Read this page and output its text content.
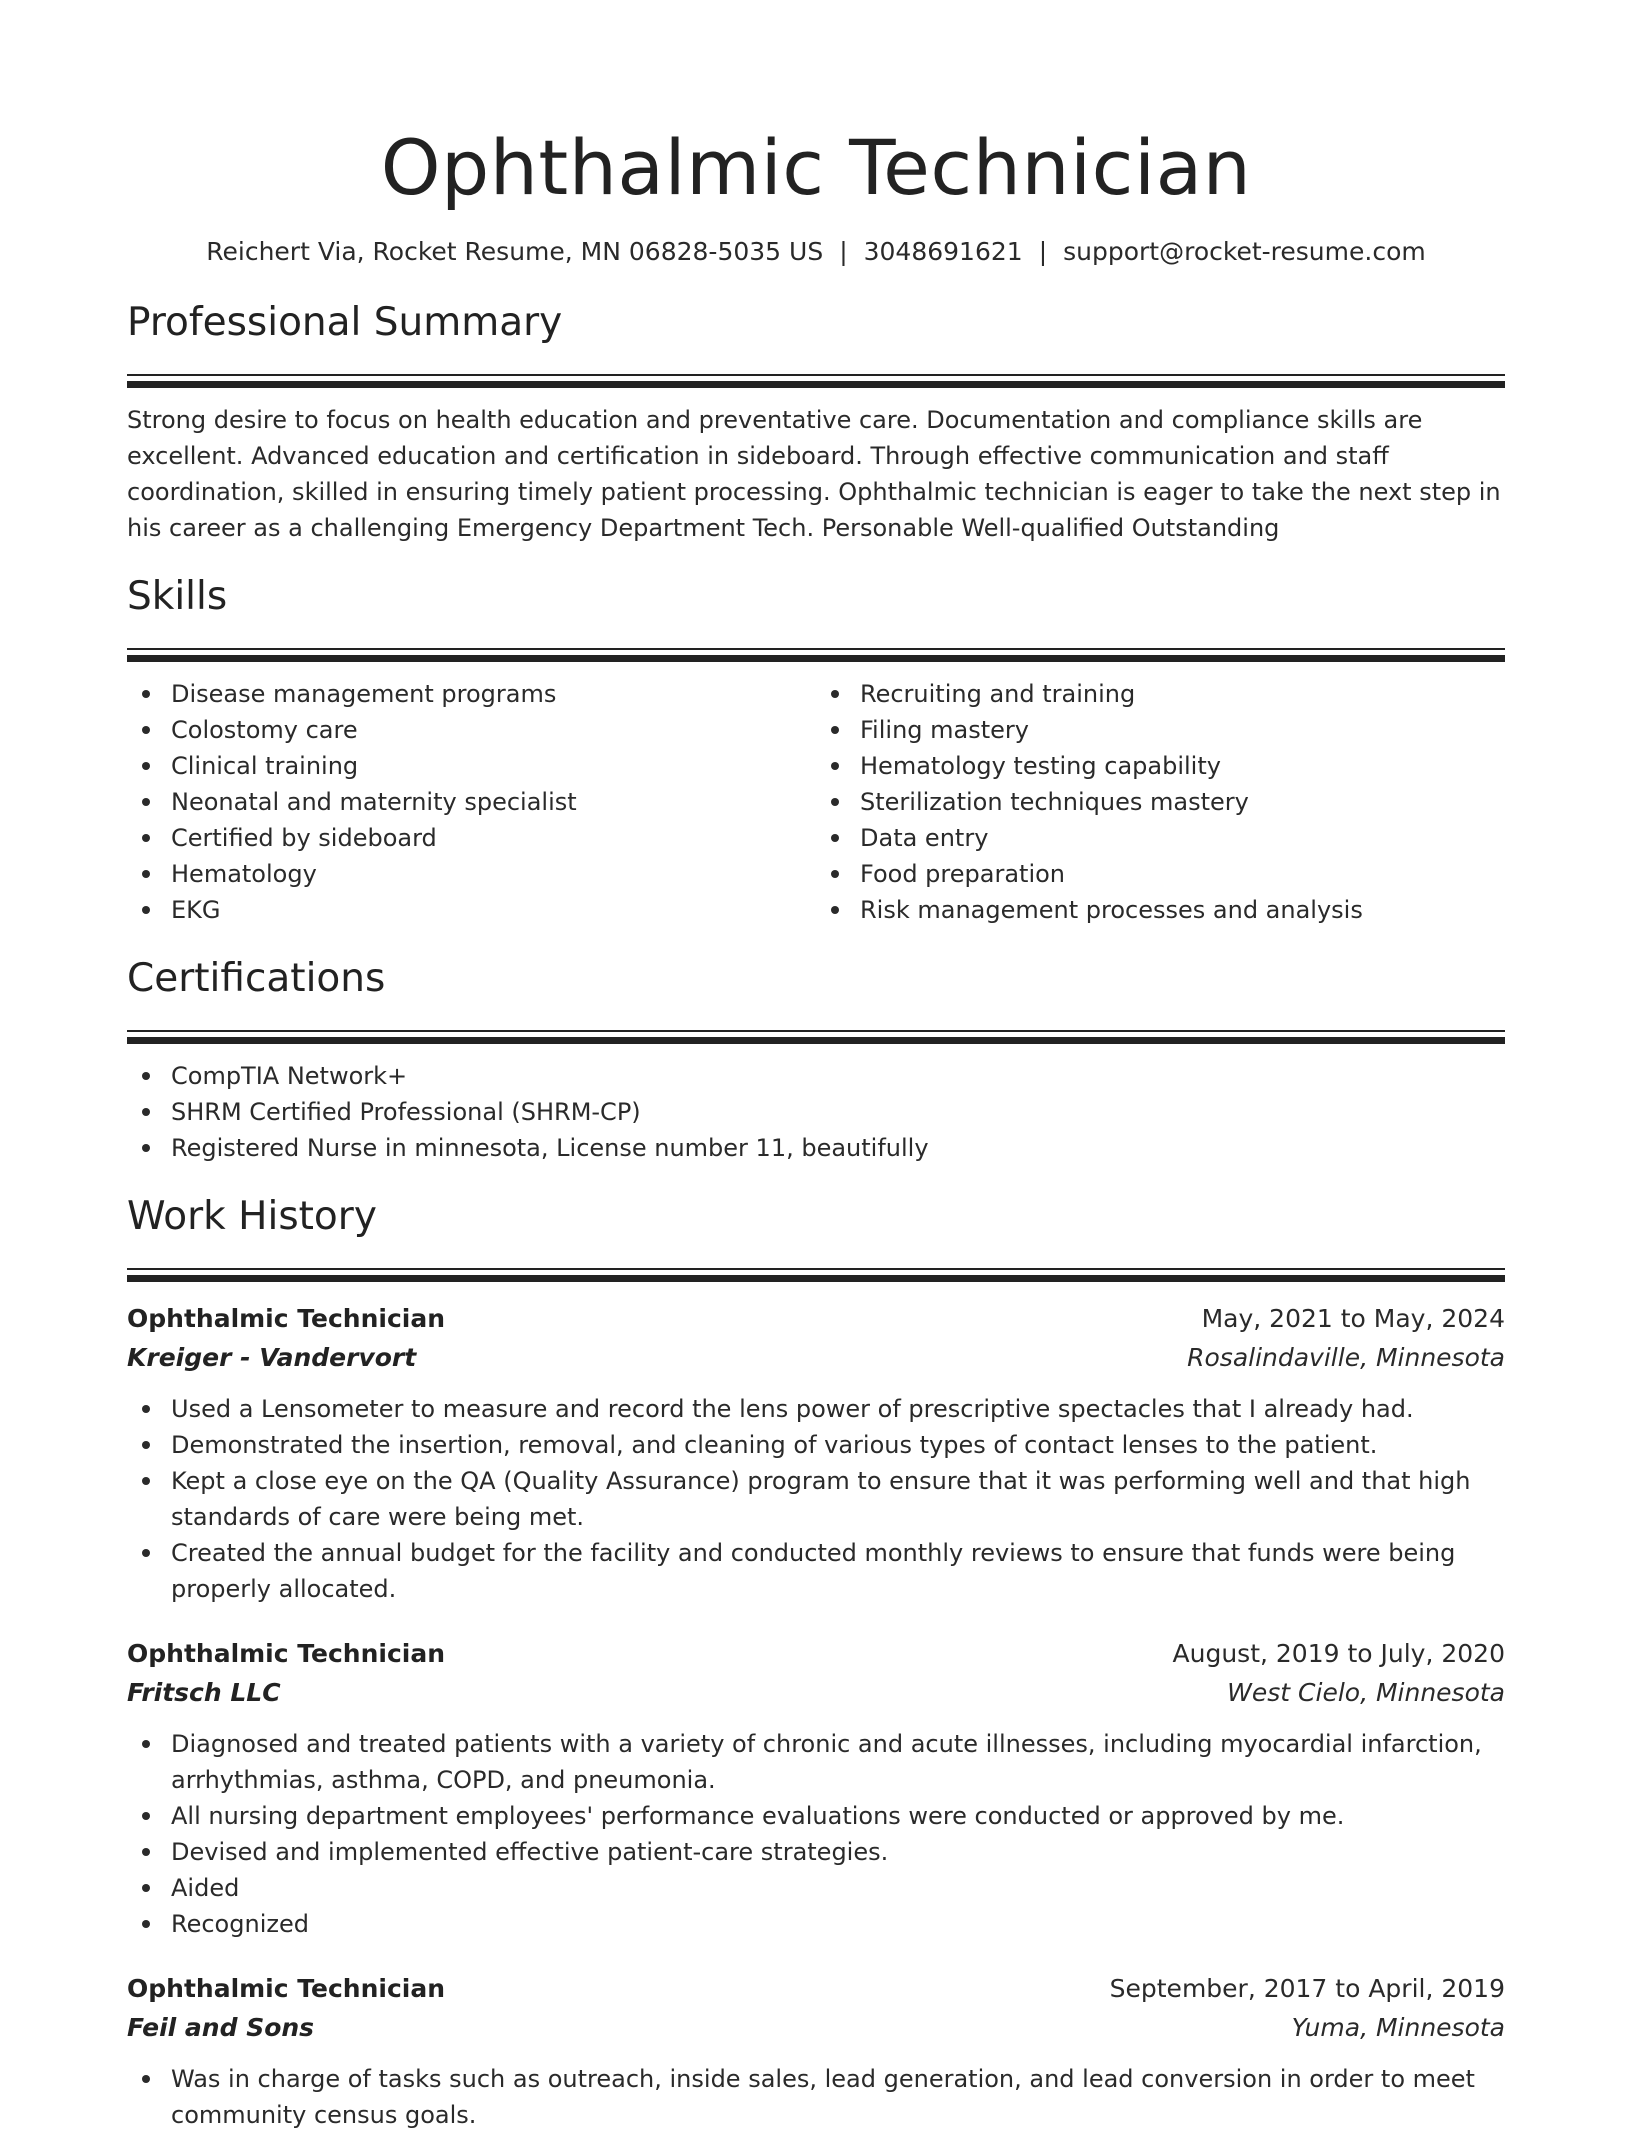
Ophthalmic Technician
Reichert Via, Rocket Resume, MN 06828-5035 US | 3048691621 | support@rocket-resume.com
Professional Summary

Strong desire to focus on health education and preventative care. Documentation and compliance skills are excellent. Advanced education and certification in sideboard. Through effective communication and staff coordination, skilled in ensuring timely patient processing. Ophthalmic technician is eager to take the next step in his career as a challenging Emergency Department Tech. Personable Well-qualified Outstanding

Skills
Disease management programs
Colostomy care
Clinical training
Neonatal and maternity specialist
Certified by sideboard
Hematology
EKG
Recruiting and training
Filing mastery
Hematology testing capability
Sterilization techniques mastery
Data entry
Food preparation
Risk management processes and analysis
Certifications
CompTIA Network+
SHRM Certified Professional (SHRM-CP)
Registered Nurse in minnesota, License number 11, beautifully
Work History
Ophthalmic Technician	May, 2021 to May, 2024
Kreiger - Vandervort	Rosalindaville, Minnesota
Used a Lensometer to measure and record the lens power of prescriptive spectacles that I already had.
Demonstrated the insertion, removal, and cleaning of various types of contact lenses to the patient.
Kept a close eye on the QA (Quality Assurance) program to ensure that it was performing well and that high standards of care were being met.
Created the annual budget for the facility and conducted monthly reviews to ensure that funds were being properly allocated.
Ophthalmic Technician	August, 2019 to July, 2020
Fritsch LLC	West Cielo, Minnesota
Diagnosed and treated patients with a variety of chronic and acute illnesses, including myocardial infarction, arrhythmias, asthma, COPD, and pneumonia.
All nursing department employees' performance evaluations were conducted or approved by me.
Devised and implemented effective patient-care strategies.
Aided
Recognized
Ophthalmic Technician	September, 2017 to April, 2019
Feil and Sons	Yuma, Minnesota
Was in charge of tasks such as outreach, inside sales, lead generation, and lead conversion in order to meet community census goals.
